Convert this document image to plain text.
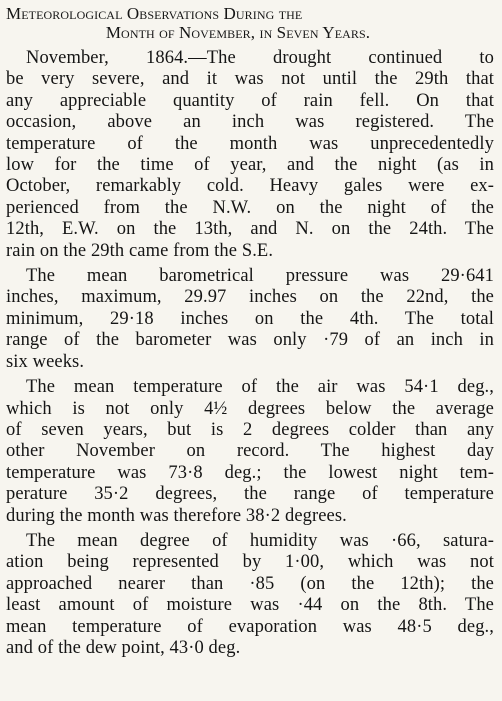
Meteorological Observations During the
Month of November, in Seven Years.
November, 1864.—The drought continued to
be very severe, and it was not until the 29th that
any appreciable quantity of rain fell. On that
occasion, above an inch was registered. The
temperature of the month was unprecedentedly
low for the time of year, and the night (as in
October, remarkably cold. Heavy gales were ex-
perienced from the N.W. on the night of the
12th, E.W. on the 13th, and N. on the 24th. The
rain on the 29th came from the S.E.
The mean barometrical pressure was 29·641
inches, maximum, 29.97 inches on the 22nd, the
minimum, 29·18 inches on the 4th. The total
range of the barometer was only ·79 of an inch in
six weeks.
The mean temperature of the air was 54·1 deg.,
which is not only 4½ degrees below the average
of seven years, but is 2 degrees colder than any
other November on record. The highest day
temperature was 73·8 deg.; the lowest night tem-
perature 35·2 degrees, the range of temperature
during the month was therefore 38·2 degrees.
The mean degree of humidity was ·66, satura-
ation being represented by 1·00, which was not
approached nearer than ·85 (on the 12th); the
least amount of moisture was ·44 on the 8th. The
mean temperature of evaporation was 48·5 deg.,
and of the dew point, 43·0 deg.
